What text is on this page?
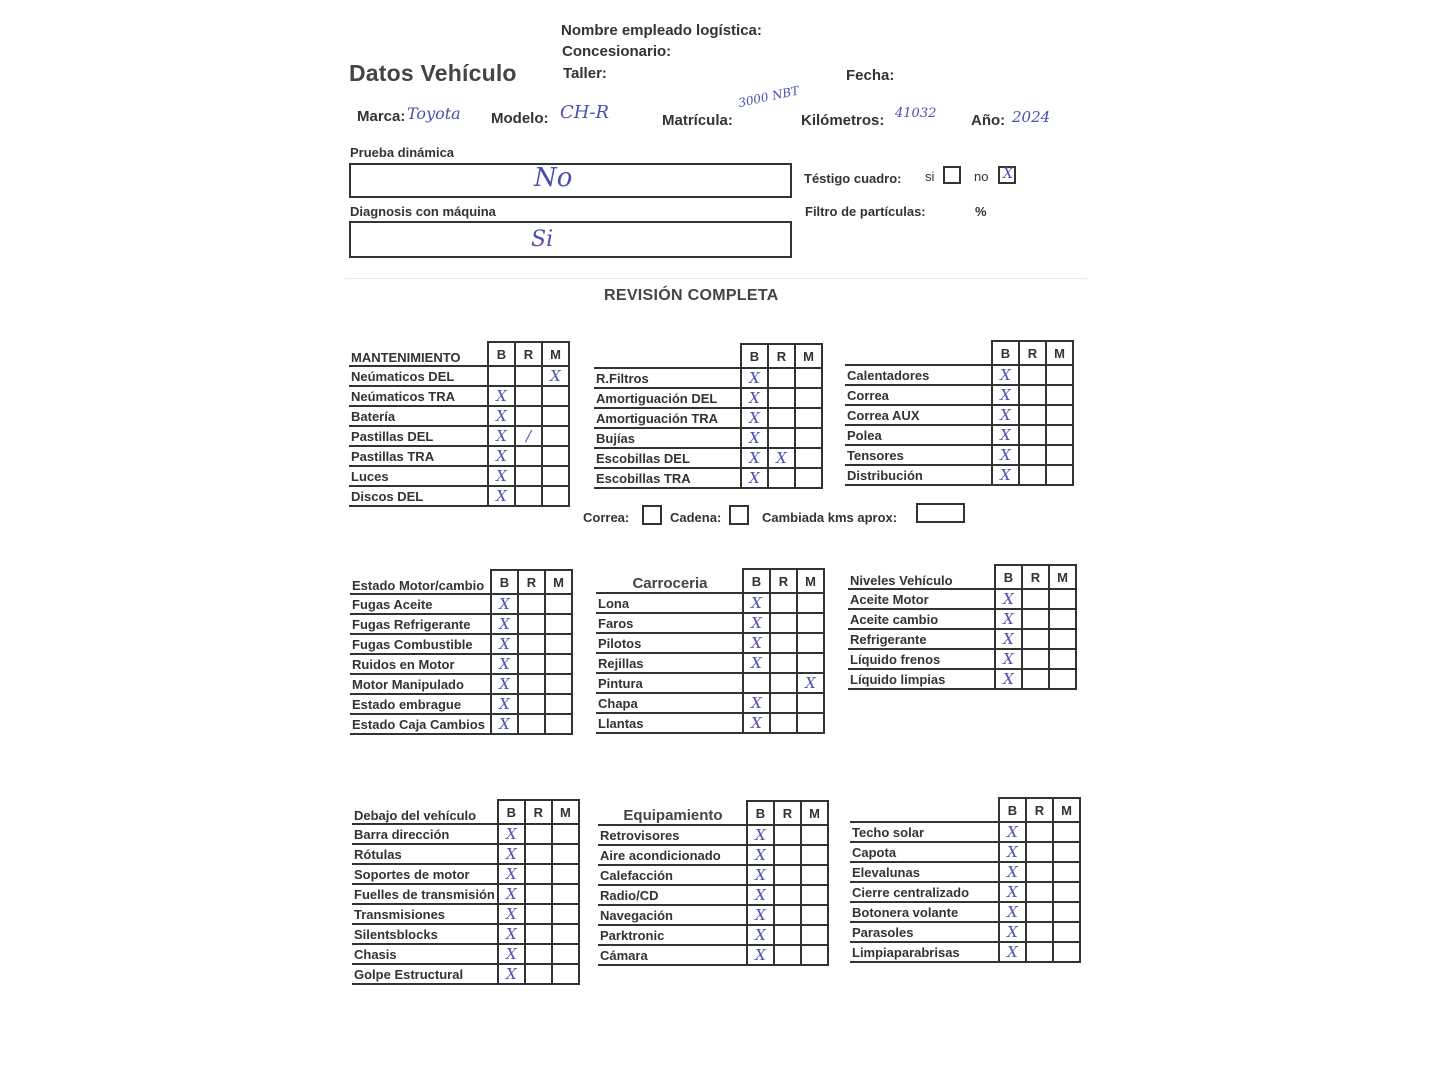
Nombre empleado logística:
Concesionario:
Taller:	Fecha:
Datos Vehículo
Marca: Toyota Modelo: CH-R	Matrícula:
3000 NBT
Kilómetros: 41032 Año: 2024
Prueba dinámica
No
Diagnosis con máquina
Si
Téstigo cuadro: si	no X
Filtro de partículas:	%
REVISIÓN COMPLETA
MANTENIMIENTO	B	R	M
Neúmaticos DEL			X
Neúmaticos TRA	X		
Batería	X		
Pastillas DEL	X	/	
Pastillas TRA	X		
Luces	X		
Discos DEL	X		
	B	R	M
R.Filtros	X		
Amortiguación DEL	X		
Amortiguación TRA	X		
Bujías	X		
Escobillas DEL	X	X	
Escobillas TRA	X		
	B	R	M
Calentadores	X		
Correa	X		
Correa AUX	X		
Polea	X		
Tensores	X		
Distribución	X		
Correa:	Cadena:	Cambiada kms aprox:
Estado Motor/cambio	B	R	M
Fugas Aceite	X		
Fugas Refrigerante	X		
Fugas Combustible	X		
Ruidos en Motor	X		
Motor Manipulado	X		
Estado embrague	X		
Estado Caja Cambios	X		
Carroceria	B	R	M
Lona	X		
Faros	X		
Pilotos	X		
Rejillas	X		
Pintura			X
Chapa	X		
Llantas	X		
Niveles Vehículo	B	R	M
Aceite Motor	X		
Aceite cambio	X		
Refrigerante	X		
Líquido frenos	X		
Líquido limpias	X		
Debajo del vehículo	B	R	M
Barra dirección	X		
Rótulas	X		
Soportes de motor	X		
Fuelles de transmisión	X		
Transmisiones	X		
Silentsblocks	X		
Chasis	X		
Golpe Estructural	X		
Equipamiento	B	R	M
Retrovisores	X		
Aire acondicionado	X		
Calefacción	X		
Radio/CD	X		
Navegación	X		
Parktronic	X		
Cámara	X		
	B	R	M
Techo solar	X		
Capota	X		
Elevalunas	X		
Cierre centralizado	X		
Botonera volante	X		
Parasoles	X		
Limpiaparabrisas	X		
